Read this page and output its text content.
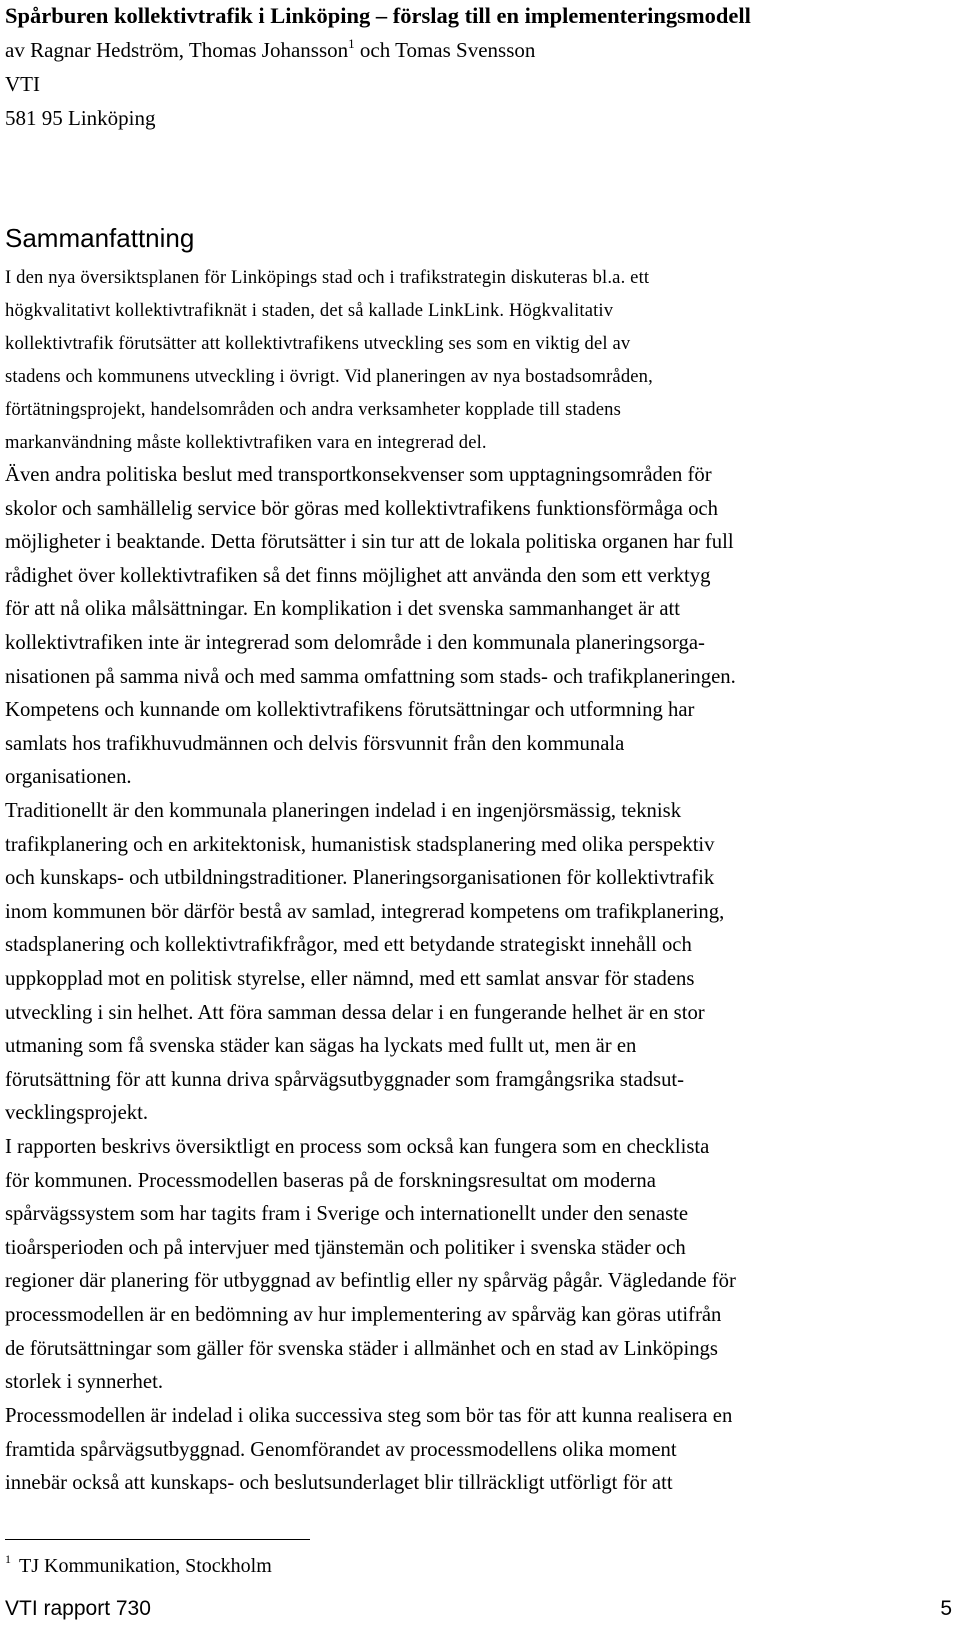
Spårburen kollektivtrafik i Linköping – förslag till en implementeringsmodell
av Ragnar Hedström, Thomas Johansson$^1$ och Tomas Svensson
VTI
581 95 Linköping
Sammanfattning

I den nya översiktsplanen för Linköpings stad och i trafikstrategin diskuteras bl.a. ett
högkvalitativt kollektivtrafiknät i staden, det så kallade LinkLink. Högkvalitativ
kollektivtrafik förutsätter att kollektivtrafikens utveckling ses som en viktig del av
stadens och kommunens utveckling i övrigt. Vid planeringen av nya bostadsområden,
förtätningsprojekt, handelsområden och andra verksamheter kopplade till stadens
markanvändning måste kollektivtrafiken vara en integrerad del.

Även andra politiska beslut med transportkonsekvenser som upptagningsområden för
skolor och samhällelig service bör göras med kollektivtrafikens funktionsförmåga och
möjligheter i beaktande. Detta förutsätter i sin tur att de lokala politiska organen har full
rådighet över kollektivtrafiken så det finns möjlighet att använda den som ett verktyg
för att nå olika målsättningar. En komplikation i det svenska sammanhanget är att
kollektivtrafiken inte är integrerad som delområde i den kommunala planeringsorga-
nisationen på samma nivå och med samma omfattning som stads- och trafikplaneringen.
Kompetens och kunnande om kollektivtrafikens förutsättningar och utformning har
samlats hos trafikhuvudmännen och delvis försvunnit från den kommunala
organisationen.

Traditionellt är den kommunala planeringen indelad i en ingenjörsmässig, teknisk
trafikplanering och en arkitektonisk, humanistisk stadsplanering med olika perspektiv
och kunskaps- och utbildningstraditioner. Planeringsorganisationen för kollektivtrafik
inom kommunen bör därför bestå av samlad, integrerad kompetens om trafikplanering,
stadsplanering och kollektivtrafikfrågor, med ett betydande strategiskt innehåll och
uppkopplad mot en politisk styrelse, eller nämnd, med ett samlat ansvar för stadens
utveckling i sin helhet. Att föra samman dessa delar i en fungerande helhet är en stor
utmaning som få svenska städer kan sägas ha lyckats med fullt ut, men är en
förutsättning för att kunna driva spårvägsutbyggnader som framgångsrika stadsut-
vecklingsprojekt.

I rapporten beskrivs översiktligt en process som också kan fungera som en checklista
för kommunen. Processmodellen baseras på de forskningsresultat om moderna
spårvägssystem som har tagits fram i Sverige och internationellt under den senaste
tioårsperioden och på intervjuer med tjänstemän och politiker i svenska städer och
regioner där planering för utbyggnad av befintlig eller ny spårväg pågår. Vägledande för
processmodellen är en bedömning av hur implementering av spårväg kan göras utifrån
de förutsättningar som gäller för svenska städer i allmänhet och en stad av Linköpings
storlek i synnerhet.

Processmodellen är indelad i olika successiva steg som bör tas för att kunna realisera en
framtida spårvägsutbyggnad. Genomförandet av processmodellens olika moment
innebär också att kunskaps- och beslutsunderlaget blir tillräckligt utförligt för att

$^1$ TJ Kommunikation, Stockholm
VTI rapport 730	5
